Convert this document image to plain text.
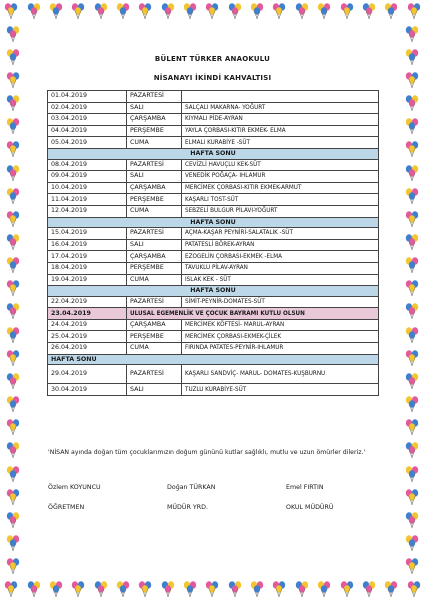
BÜLENT TÜRKER ANAOKULU
NİSANAYI İKİNDİ KAHVALTISI
01.04.2019	PAZARTESİ	
02.04.2019	SALI	SALÇALI MAKARNA- YOĞURT
03.04.2019	ÇARŞAMBA	KIYMALI PİDE-AYRAN
04.04.2019	PERŞEMBE	YAYLA ÇORBASI-KITIR EKMEK- ELMA
05.04.2019	CUMA	ELMALI KURABİYE -SÜT
HAFTA SONU		
08.04.2019	PAZARTESİ	CEVİZLİ HAVUÇLU KEK-SÜT
09.04.2019	SALI	VENEDİK POĞAÇA- IHLAMUR
10.04.2019	ÇARŞAMBA	MERCİMEK ÇORBASI-KITIR EKMEK-ARMUT
11.04.2019	PERŞEMBE	KAŞARLI TOST-SÜT
12.04.2019	CUMA	SEBZELİ BULGUR PİLAVI-YOĞURT
HAFTA SONU		
15.04.2019	PAZARTESİ	AÇMA-KAŞAR PEYNİRİ-SALATALIK -SÜT
16.04.2019	SALI	PATATESLİ BÖREK-AYRAN
17.04.2019	ÇARŞAMBA	EZOGELİN ÇORBASI-EKMEK -ELMA
18.04.2019	PERŞEMBE	TAVUKLU PİLAV-AYRAN
19.04.2019	CUMA	ISLAK KEK - SÜT
HAFTA SONU		
22.04.2019	PAZARTESİ	SİMİT-PEYNİR-DOMATES-SÜT
23.04.2019	ULUSAL EGEMENLİK VE ÇOCUK BAYRAMI KUTLU OLSUN	
24.04.2019	ÇARŞAMBA	MERCİMEK KÖFTESİ- MARUL-AYRAN
25.04.2019	PERŞEMBE	MERCİMEK ÇORBASI-EKMEK-ÇİLEK
26.04.2019	CUMA	FIRINDA PATATES-PEYNİR-IHLAMUR
HAFTA SONU		
29.04.2019	PAZARTESİ	KAŞARLI SANDVİÇ- MARUL- DOMATES-KUŞBURNU
30.04.2019	SALI	TUZLU KURABİYE-SÜT
'NİSAN ayında doğan tüm çocuklarımızın doğum gününü kutlar sağlıklı, mutlu ve uzun ömürler dileriz.'
Özlem KOYUNCU	Doğan TÜRKAN	Emel FIRTIN
ÖĞRETMEN	MÜDÜR YRD.	OKUL MÜDÜRÜ
